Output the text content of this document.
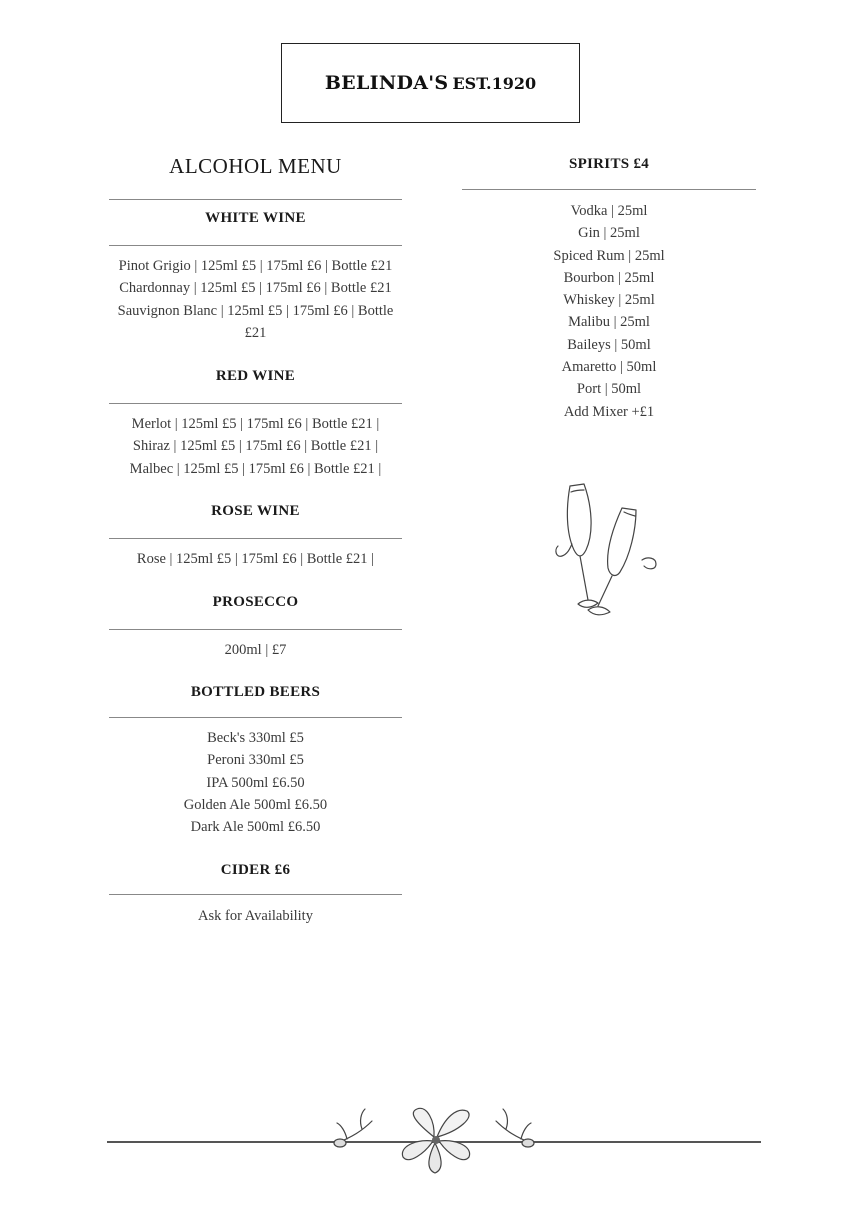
BELINDA'S EST.1920
ALCOHOL MENU
WHITE WINE
Pinot Grigio | 125ml £5 | 175ml £6 | Bottle £21
Chardonnay | 125ml £5 | 175ml £6 | Bottle £21
Sauvignon Blanc | 125ml £5 | 175ml £6 | Bottle £21
RED WINE
Merlot | 125ml £5 | 175ml £6 | Bottle £21 |
Shiraz | 125ml £5 | 175ml £6 | Bottle £21 |
Malbec | 125ml £5 | 175ml £6 | Bottle £21 |
ROSE WINE
Rose | 125ml £5 | 175ml £6 | Bottle £21 |
PROSECCO
200ml | £7
BOTTLED BEERS
Beck's 330ml £5
Peroni 330ml £5
IPA 500ml £6.50
Golden Ale 500ml £6.50
Dark Ale 500ml £6.50
CIDER £6
Ask for Availability
SPIRITS £4
Vodka | 25ml
Gin | 25ml
Spiced Rum | 25ml
Bourbon | 25ml
Whiskey | 25ml
Malibu | 25ml
Baileys | 50ml
Amaretto | 50ml
Port | 50ml
Add Mixer +£1
